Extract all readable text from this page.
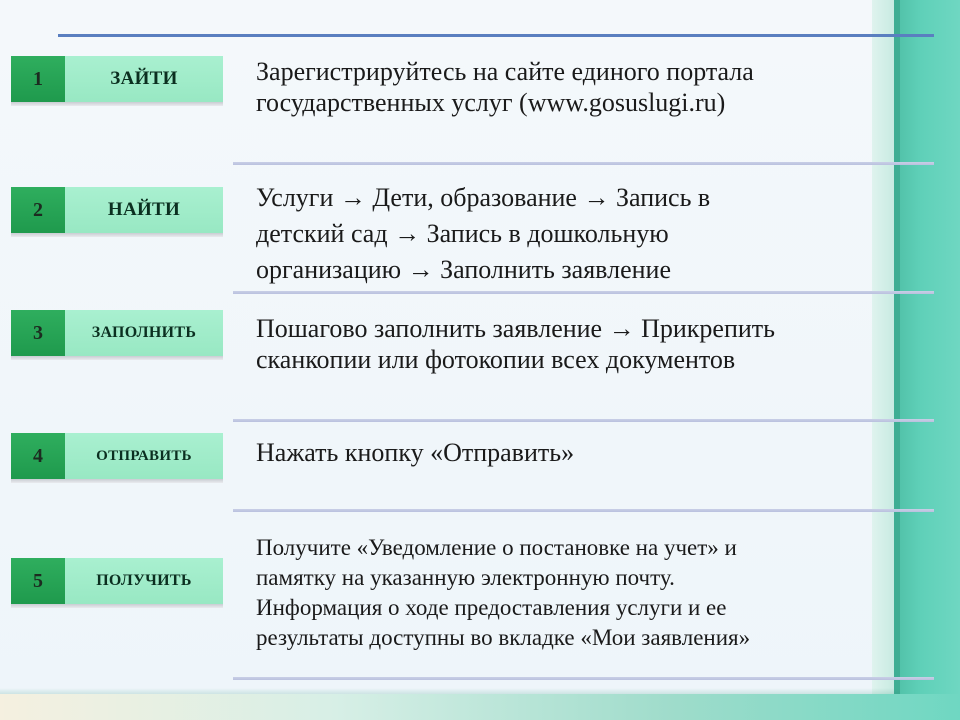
1	ЗАЙТИ	Зарегистрируйтесь на сайте единого портала
государственных услуг (www.gosuslugi.ru)
2	НАЙТИ	Услуги → Дети, образование → Запись в
детский сад → Запись в дошкольную
организацию → Заполнить заявление
3	ЗАПОЛНИТЬ	Пошагово заполнить заявление → Прикрепить
сканкопии или фотокопии всех документов
4	ОТПРАВИТЬ	Нажать кнопку «Отправить»
5	ПОЛУЧИТЬ
Получите «Уведомление о постановке на учет» и
памятку на указанную электронную почту.
Информация о ходе предоставления услуги и ее
результаты доступны во вкладке «Мои заявления»
